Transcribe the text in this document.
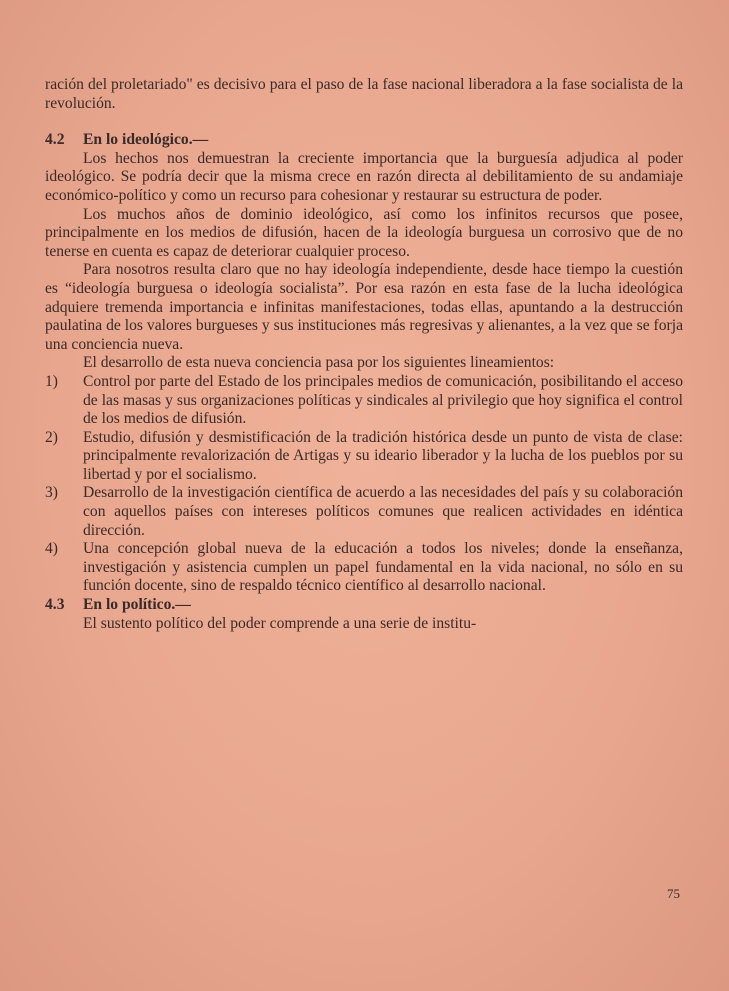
ración del proletariado" es decisivo para el paso de la fase nacional liberadora a la fase socialista de la revolución.

4.2 En lo ideológico.—

Los hechos nos demuestran la creciente importancia que la burguesía adjudica al poder ideológico. Se podría decir que la misma crece en razón directa al debilitamiento de su andamiaje económico-político y como un recurso para cohesionar y restaurar su estructura de poder.

Los muchos años de dominio ideológico, así como los infinitos recursos que posee, principalmente en los medios de difusión, hacen de la ideología burguesa un corrosivo que de no tenerse en cuenta es capaz de deteriorar cualquier proceso.

Para nosotros resulta claro que no hay ideología independiente, desde hace tiempo la cuestión es “ideología burguesa o ideología socialista”. Por esa razón en esta fase de la lucha ideológica adquiere tremenda importancia e infinitas manifestaciones, todas ellas, apuntando a la destrucción paulatina de los valores burgueses y sus instituciones más regresivas y alienantes, a la vez que se forja una conciencia nueva.

El desarrollo de esta nueva conciencia pasa por los siguientes lineamientos:

1)	Control por parte del Estado de los principales medios de comunicación, posibilitando el acceso de las masas y sus organizaciones políticas y sindicales al privilegio que hoy significa el control de los medios de difusión.
2)	Estudio, difusión y desmistificación de la tradición histórica desde un punto de vista de clase: principalmente revalorización de Artigas y su ideario liberador y la lucha de los pueblos por su libertad y por el socialismo.
3)	Desarrollo de la investigación científica de acuerdo a las necesidades del país y su colaboración con aquellos países con intereses políticos comunes que realicen actividades en idéntica dirección.
4)	Una concepción global nueva de la educación a todos los niveles; donde la enseñanza, investigación y asistencia cumplen un papel fundamental en la vida nacional, no sólo en su función docente, sino de respaldo técnico científico al desarrollo nacional.

4.3 En lo político.—

El sustento político del poder comprende a una serie de institu-

75
